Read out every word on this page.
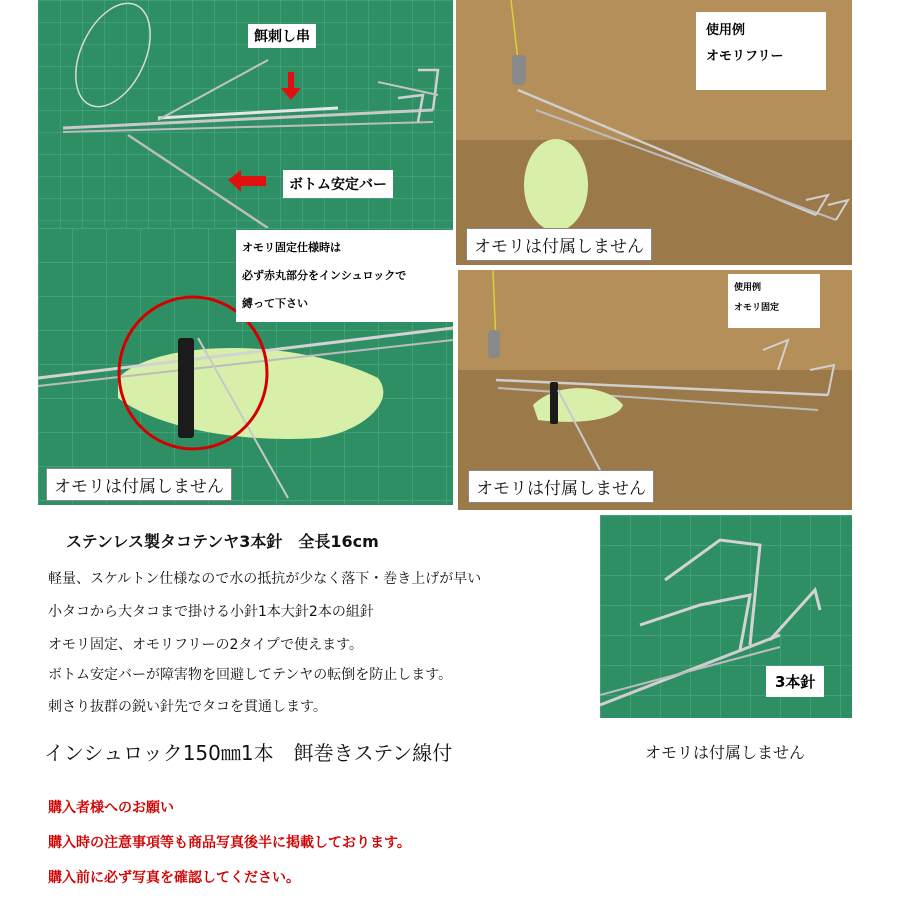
餌刺し串
ボトム安定バー
使用例
オモリフリー
オモリは付属しません
オモリ固定仕様時は
必ず赤丸部分をインシュロックで
縛って下さい
オモリは付属しません
使用例
オモリ固定
オモリは付属しません
3本針
ステンレス製タコテンヤ3本針　全長16cm
軽量、スケルトン仕様なので水の抵抗が少なく落下・巻き上げが早い
小タコから大タコまで掛ける小針1本大針2本の組針
オモリ固定、オモリフリーの2タイプで使えます。
ボトム安定バーが障害物を回避してテンヤの転倒を防止します。
刺さり抜群の鋭い針先でタコを貫通します。
インシュロック150㎜1本　餌巻きステン線付	オモリは付属しません
購入者様へのお願い
購入時の注意事項等も商品写真後半に掲載しております。
購入前に必ず写真を確認してください。
